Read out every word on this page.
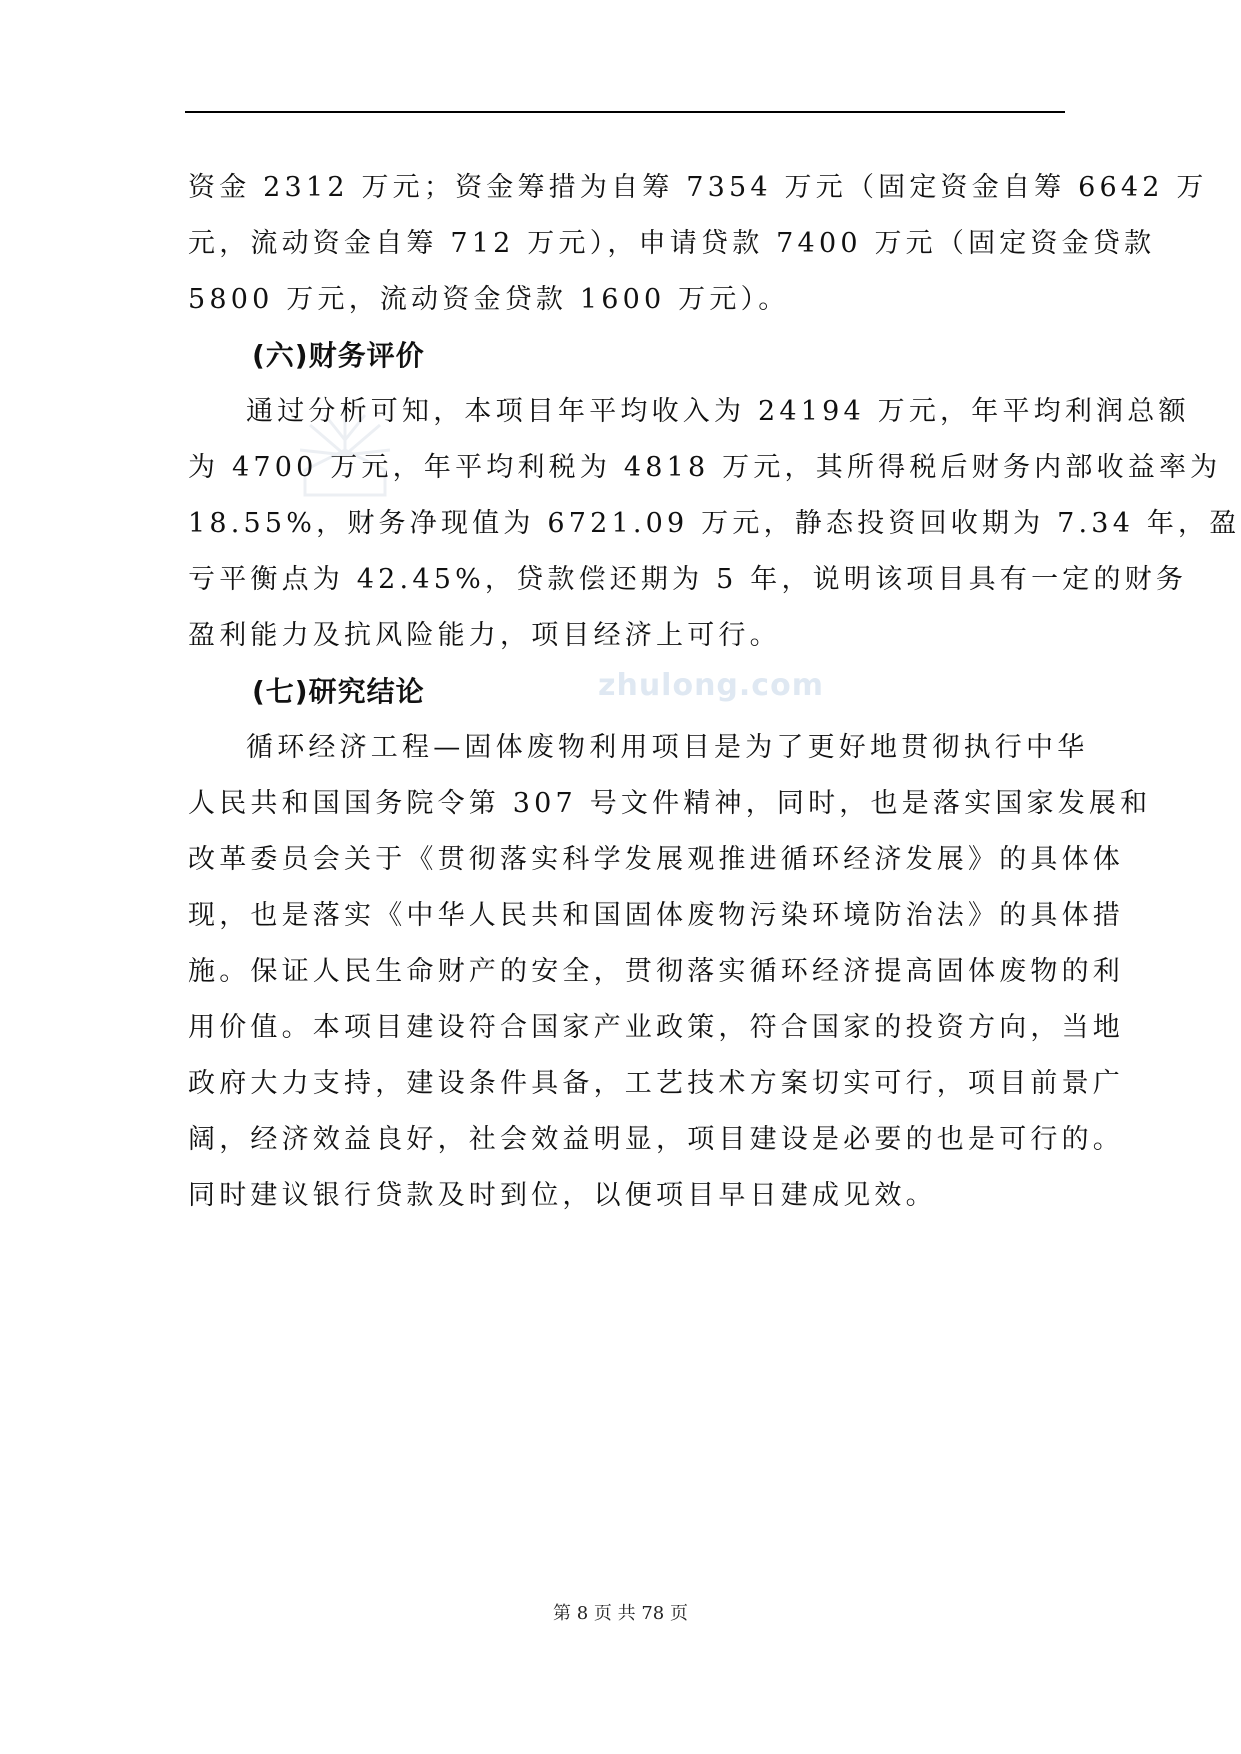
zhulong.com
资金 2312 万元；资金筹措为自筹 7354 万元（固定资金自筹 6642 万
元，流动资金自筹 712 万元），申请贷款 7400 万元（固定资金贷款
5800 万元，流动资金贷款 1600 万元）。
(六)财务评价
通过分析可知，本项目年平均收入为 24194 万元，年平均利润总额
为 4700 万元，年平均利税为 4818 万元，其所得税后财务内部收益率为
18.55%，财务净现值为 6721.09 万元，静态投资回收期为 7.34 年，盈
亏平衡点为 42.45%，贷款偿还期为 5 年，说明该项目具有一定的财务
盈利能力及抗风险能力，项目经济上可行。
(七)研究结论
循环经济工程—固体废物利用项目是为了更好地贯彻执行中华
人民共和国国务院令第 307 号文件精神，同时，也是落实国家发展和
改革委员会关于《贯彻落实科学发展观推进循环经济发展》的具体体
现，也是落实《中华人民共和国固体废物污染环境防治法》的具体措
施。保证人民生命财产的安全，贯彻落实循环经济提高固体废物的利
用价值。本项目建设符合国家产业政策，符合国家的投资方向，当地
政府大力支持，建设条件具备，工艺技术方案切实可行，项目前景广
阔，经济效益良好，社会效益明显，项目建设是必要的也是可行的。
同时建议银行贷款及时到位，以便项目早日建成见效。
第 8 页 共 78 页
